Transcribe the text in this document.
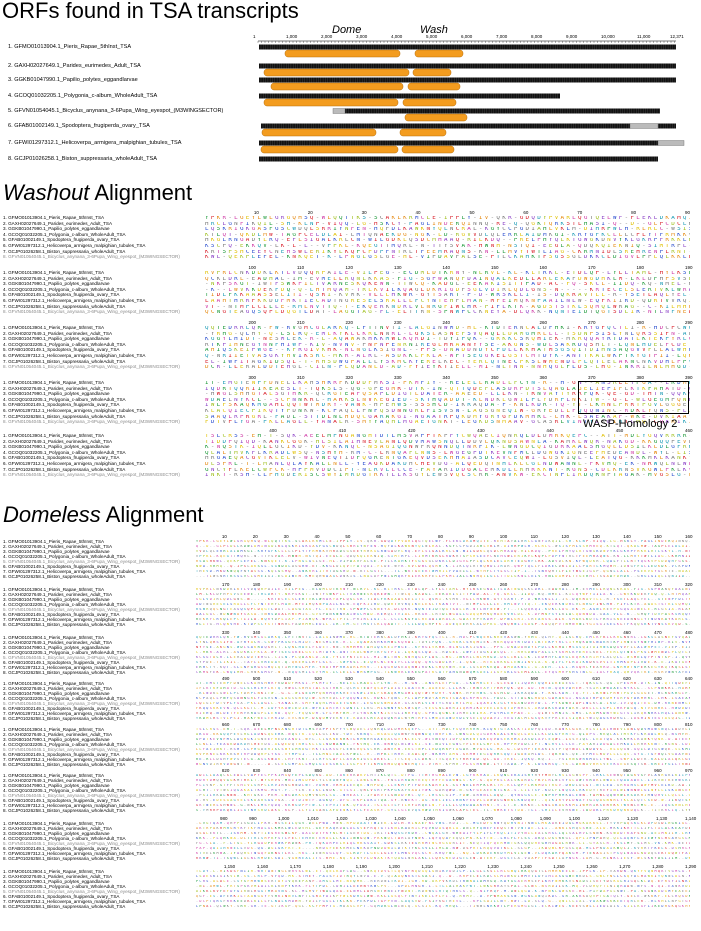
ORFs found in TSA transcripts
Dome	Wash
1	1,000	2,000	3,000	4,000	5,000	6,000	7,000	8,000	9,000	10,000	11,000	12,371
1. GFMO01013904.1_Pieris_Rapae_5thInst_TSA
2. GAXH02027649.1_Parides_eurimedes_Adult_TSA
3. GGKB01047990.1_Papilio_polytes_eggandlarvae
4. GCOQ01032205.1_Polygonia_c-album_WholeAdult_TSA
5. GFVN01054045.1_Bicyclus_anynana_3-6Pupa_Wing_eyespot_(M3WINGSECTOR)
6. GFAB01002149.1_Spodoptera_frugiperda_ovary_TSA
7. GFWI01297312.1_Helicoverpa_armigera_malpighian_tubules_TSA
8. GCJP01026258.1_Biston_suppressaria_wholeAdult_TSA
Washout Alignment
10	20	30	40	50	60	70	80	90
1. GFMO01013904.1_Pieris_Rapae_5thInst_TSA	YPKR-LGEYLWLGRGQHSQ-WLQQTTKS-SCAKLKRMCLE-IPPLY-IV-QKR-GDQDYPVARLQGTQELWF-FLEKLDKAMQ
2. GAXH02027649.1_Parides_eurimedes_Adult_TSA	HRCLGNFIKQIL-SH-KLNP-VIQQ-LG-HSKCY-PAGLINDERQINNQ-RE-Q-QGKTQRKSTLHASI-Q--D--GLPCDCL
3. GGKB01047990.1_Papilio_polytes_eggandlarvae	LQSKRIGKGASFGSCWDQLSRRIYNFEN-HQFDLKAWKNYQLNCRAL-KGYCCPGDIAHLVKLM-DIHRPWLH-RLRLC-WSI
4. GCOQ01032205.1_Polygonia_c-album_WholeAdult_TSA	KTLQT-QKDLMW-TAGPCELDLAI-LMTQNAEKDG-NGK-LD-RGVVDLQLERRLAIDMKGI-KRYGFKCLLLCPLYTFRMKK
5. GFAB01002149.1_Spodoptera_frugiperda_ovary_TSA	HKGLRNGADYLRQ-EFLSIGALKRLCN-WILGDKLQSDCMHAAQ-RILKDQ--PRELPHYQLKTGWGKDNVYKLGKRPFRKKL
6. GFWI01297312.1_Helicoverpa_armigera_malpighian_tubules_TSA	KSCPQ-EKKQV-LK-L-L--VPPKL-KQEGTTMQRL-N-TTYSVAK-HWNH-NSTQI-EEGLA-QDQKQIEKNIQ-SIMTRPL
7. GCJP01026258.1_Biston_suppressaria_wholeAdult_TSA	KRTSPSHCEEYCNEHSWLERIKYLKQPCPDPFNTRLTFEEMRAQNS-KN-LLMVYTWTLIAG-CKRMNIDLSREHRENPLRNT
8. GFVN01054045.1_Bicyclus_anynana_3-6Pupa_Wing_eyespot_(M3WINGSECTOR)	KWL-QEKPLEFEL-KNKQET-K-LPNGLGSLGE-HL-VIPDAVFALSE-PTLCKAHKTFSGSSGLDKKCLDIGVLPPLQLKKL
100	110	120	130	140	150	160	170	180	190
1. GFMO01013904.1_Pieris_Rapae_5thInst_TSA	RVPRLCNKDDKLKTLVDQQRPAILE-VILPEG--ECDMLDTKRNY-NLRVL-KL-KLTRKL-ETDLQP-LYLLTAML-HYLKS
2. GAXH02027649.1_Parides_eurimedes_Adult_TSA	QCKLDRL-EADHAL-IM-EVMELLRQNLKKAS-FIG-SGPWANQFDAINQALKEDLLARLEKAFDWGDHKLM-LKLDFHPSVS
3. GGKB01047990.1_Papilio_polytes_eggandlarvae	-NKPSKGT-IWTFSWKPILTVARNESKQKEWN-TTWCQ-KADGL-EEKAKISITTPAD-AC-FQ-SKCL-IIDQ-KQ-NMEL-
4. GCOQ01032205.1_Polygonia_c-album_WholeAdult_TSA	-K--LWVKKDEKFDQ-Q-LHTMQAM-TRLKVILKQAGLDKRIGDFSGLVDIRLQDLGNS-N-----KRTECELSLERTVKLWR
5. GFAB01002149.1_Spodoptera_frugiperda_ovary_TSA	TIDLFKKAAASSELITI-QSRI-KVMK-VLLLHKWR-GYTSART-P-D-WRSKLLI-IS-DQKRAVTLL-R-YSETLAQLYEL
6. GFWI01297312.1_Helicoverpa_armigera_malpighian_tubules_TSA	LAAHTHRRFKKDDFMKTIECADTNGRESELSRALLLFCYNTEHFLMAN-MFEIMQKNPAAILNLW-EQFKIIRD-QDRTVVRQ
7. GCJP01026258.1_Biston_suppressaria_wholeAdult_TSA	VT--NTMPLCLLLE-RMLNVTTQ-T-EKQERKNDRLVLNRGFIWCHR-PIFLKTK-AGDSTSTKLSQMQLWRAG--C-KILMH
8. GFVN01054045.1_Bicyclus_anynana_3-6Pupa_Wing_eyespot_(M3WINGSECTOR)	QCNGTEAGQSQPLDQGTLDAT-LAGGTAG-FL-ELTTRN-SPNWPCCKNEYA-DLQKK-NQNTEIDTQGTSDLIR-NTLNFNE
200	210	220	230	240	250	260	270	280	290
1. GFMO01013904.1_Pieris_Rapae_5thInst_TSA	QQTEDRRLQR-FW-RVGMCGLARKQ-LFTTNVTI-LALGINWMD-HL-KTDTERNCALDFHKI-KRYGFQCTLI-R-HDCPCW
2. GAXH02027649.1_Parides_eurimedes_Adult_TSA	-YRHG-QLHY-Q-LSLRQ-EMLKYKLCKRLNNRL-LGKSLASNEFSVQAQLLDAMGMRLLL-TSDNPSISLYNLQRSSIFN-A
3. GGKB01047990.1_Papilio_polytes_eggandlarvae	KGGYLHIDT-NESMLEK-R-L-AQAWAKHKKMWLKQRDI-TDYIPQK--GRKKCSRQHIEK-MKRQQAYRTDATLKTEKPYRL
4. GCOQ01032205.1_Polygonia_c-album_WholeAdult_TSA	RTKPIHNEGYNNFHIWP-KIV-NVNV-PNPNPENRNIREGLMRAANYYSE-AKGNS-WDLSAKRDQSHLT-LQNLHDELFCDE
5. GFAB01002149.1_Spodoptera_frugiperda_ovary_TSA	AHIQSKEIPWGE--KFRGIVKHK-NLNGLKSIGNL--PPS-DNADDNDYCPDLLKKHATMSGSQITDIHNSAQGVVFLLALWH
6. GFWI01297312.1_Helicoverpa_armigera_malpighian_tubules_TSA	Q-NRIIETVASGKYHVIKSRC-MKR-ALRL-ASDKKLFKLA-WFTSEGGKELGSTCMTDYK-ANTTKALWKPTKYGTPII-LQ
7. GCJP01026258.1_Biston_suppressaria_wholeAdult_TSA	EL-IWFITAGKIDSQL-T-RHSDWGPALLLYSKMCKYERELKEC-YERLQTNECPKSLWMENDLPLQTLELAKNCNKVDHLPP
8. GFVN01054045.1_Bicyclus_anynana_3-6Pupa_Wing_eyespot_(M3WINGSECTOR)	DCR-LLERALDDTEHGL-CILN-PLQDANLD-AD-FYIEYKTIELL-MI-NLTNN-NNHQGLFLDS-LHG-INKRILNLMHGD
300	310	320	330	340	350	360	370	380	390
1. GFMO01013904.1_Pieris_Rapae_5thInst_TSA	IT-EMGTENPFDNELLKAHSHRRFKDDDFMKSI-PKMFIY--RELELLRADLLFCYN-R--H-GN--ANSRLETPGA--LKDM
2. GAXH02027649.1_Parides_eurimedes_Adult_TSA	IQDRTQQRIIKEAESLT-TQKSLS-QG-GPEGMR-DTK-IN-QTTQDEFLASDRPDTSLQAGLAGELIEPIFLKTKFAHATD-
3. GGKB01047990.1_Papilio_polytes_eggandlarvae	-HWGLSHHGTALSGTHKR-QCRGTEAFQSAPLDIGTLDATER-AAEED-LLLKN-TRNVAYTYRRFQK-QE-GD-THTN-QQK
4. GCOQ01032205.1_Polygonia_c-album_WholeAdult_TSA	WDAELNYKCL--SCPNNKRL-HARKSLNVKEGIED-SKTHQADDT-KLNDKLGWILPLYDRPLNKITW--G-L-WLGEGMPQN
5. GFAB01002149.1_Spodoptera_frugiperda_ovary_TSA	IWLFSKAQKMGAHLQQTWTMDRY-VANK-HPEHWS-SSSHCD-IKRAQDA-F-KNLKDR-TQ-YT-LKHNLPRRTPGVLGGGE
6. GFWI01297312.1_Helicoverpa_armigera_malpighian_tubules_TSA	KLACQIECPIKQTYPDNKW-KCPAQLLPNFQSDNNGRLFISVSN-LAGSGNEQIW-GRYEDLLFQQQNINC-RDKLYQNS-PL
7. GCJP01026258.1_Biston_suppressaria_wholeAdult_TSA	SAAQLRPRGRL-FADL-STTDLNLHDQCGARAKGI-NGAATRPQKDMYGRYGFDKMHRL-LHK-LSAEAKAF-WKE-DVKIAA
8. GFVN01054045.1_Bicyclus_anynana_3-6Pupa_Wing_eyespot_(M3WINGSECTOR)	FDTVPLYGA-PKLLAGLL-YANALR-SMYYAQHLMGAETGNKT-LEGKDSNMAAV-GCASRLVINTYLRDIRTLMQ-LQARIK
400	410	420	430	440	450	460
1. GFMO01013904.1_Pieris_Rapae_5thInst_TSA	TSLCRSS-EH-T-SQK-AEELMPNGANGHTDTLMSVAPPTKPFYCWQAECIQNRQLDLDMRKQEPC--ATT-MDLYGQVRRRR
2. GAXH02027649.1_Parides_eurimedes_Adult_TSA	TIDDPQIQD-KANKCGGK-HLSILAIHNEVLANLQDVMAWSNQLLDDVLQKNDSAWNLA-KAMKLWQR-NAKGD-KKGQQPEV
3. GGKB01047990.1_Papilio_polytes_eggandlarvae	K-NQSTK-IQLLGCIKD-YDV-KKNQC-NSAGIQGNWFRQNNDQTNRFIK-LWNGDCQIGDRKAALSHGQLLDSILKLDLGFR
4. GCOQ01032205.1_Polygonia_c-album_WholeAdult_TSA	QLALTMVKFLKRADLWSQ-NSHYH-RM-C-LRNQAFLNNS-LWGEGPDTKEVNFMCLDGWGKIGNEEFHEDEANDL-WYL-LI
5. GFAB01002149.1_Spodoptera_frugiperda_ovary_TSA	HRGAEQACGVTKLELV-WIVNEQTIDFQGRENTGKEQVDSEKHHAIASDCAVCEQWI-LGSVIQL-LEATQG-KKKMKLKANK
6. GFWI01297312.1_Helicoverpa_armigera_malpighian_tubules_TSA	DLSPRL-T-LMANLQLAYKALLNLL-YEAGKDAKDHCHEVDG-ALQEDQTNHLKLCGLNDWANNL-FKVHQ-EK-NRWQLNLW
7. GCJP01026258.1_Biston_suppressaria_wholeAdult_TSA	GNCYFLKELCWFCK-HPPMVDDCIPT-NLRVLLCCE-FAYARIDDGALEMKDLLRHRKKNT-RGNS-CDLKRNSVKGWLPKLK
8. GFVN01054045.1_Bicyclus_anynana_3-6Pupa_Wing_eyespot_(M3WINGSECTOR)	INKT-RSH-CLPHGDERISCSWYIMRDGTRKTLLKSGYLEWSVQCSCRR-ANVKW-EKCTNPLIRDQRNPTAGAK-MVGSLG-
WASP-Homology 2
Domeless Alignment
10	20	30	40	50	60	70	80	90	100	110	120	130	140	150	160
1. GFMO01013904.1_Pieris_Rapae_5thInst_TSA	YPKR-LGEYLWLGRGQHSQ-WLQQTTKS-SCAKLKRMCLE-IPPLY-IV-QKR-GDQDYPVARLQGTQELWF-FLEKLDKAMQITE-REHTAYALHRCLGNFIKQIL-SH-KLNP-VIQQ-LG-HSKCY-PAGLINDERQINNQ
2. GAXH02027649.1_Parides_eurimedes_Adult_TSA	Q--D--GLPCDCLKDWLDMINGDIKLQSKRIGKGASFGSCWDQLSRRIYNFEN-HQFDLKAWKNYQLNCRAL-KGYCCPGDIAHLVKLM-DIHRPWLH-RLRLC-WSISPMLSSHMREQ-KTLQT-QKDLMW-TAGPCELDLAI
3. GGKB01047990.1_Papilio_polytes_eggandlarvae	VVDLQLERRLAIDMKGI-KRYGFKCLLLCPLYTFRMKKVHRADSGSEEYRHKGLRNGADYLRQ-EFLSIGALKRLCN-WILGDKLQSDCMHAAQ-RILKDQ--PRELPHYQLKTGWGKDNVYKLGKRPFRKKLRTLSKYL-H-N
4. GCOQ01032205.1_Polygonia_c-album_WholeAdult_TSA	VPPKL-KQEGTTMQRL-N-TTYSVAK-HWNH-NSTQI-EEGLA-QDQKQIEKNIQ-SIMTRPL-LIHMTKRSLRDKRTSPSHCEEYCNEHSWLERIKYLKQPCPDPFNTRLTFEEMRAQNS-KN-LLMVYTWTLIAG-CKRMNI
5. GFVN01054045.1_Bicyclus_anynana_3-6Pupa_Wing_eyespot_(M3WINGSECTOR)	RSASHKWL-QEKPLEFEL-KNKQET-K-LPNGLGSLGE-HL-VIPDAVFALSE-PTLCKAHKTFSGSSGLDKKCLDIGVLPPLQLKKLELARHTEAGRFCRK-ADVDLKN-KFWQDKR-LQALFTLLRTYQGKVPSDDQHFGSS
6. GFAB01002149.1_Spodoptera_frugiperda_ovary_TSA	NWA-RRMQ--Q-IPSLAKSSL-SGNDALAGGRW-ET-KKGLDIQVTFATQDI-FCDE-WYK-KVCDWLQSRR-K-LIKCQIRTRQHDLIRAR-QWPTQLLFLDKECDKLDILLPARTLKMQHH-IDNGFFGLLEDKDK-VCKPD
7. GFWI01297312.1_Helicoverpa_armigera_malpighian_tubules_TSA	THEVD-MKDKNQQFNYASSS-KQCGSMQ--ANKRRLITVTAGSHD-N-KTLGSTC---TL-WKTGEEKTWMRIIFVAEILL-WYHFLTYLSCTIP-I--TSNRQHTLFLEYWGEIGGP-QGNLLALL-PSEKVGYGLRTE-NAA
8. GCJP01026258.1_Biston_suppressaria_wholeAdult_TSA	---TIWSNRTKSSLVCLGMEIGI-ECDIWEH-KMEQHWAAGCDNKIS-LNALDFPNIGMQKFKIEKKRYELLPKMLIALLNNHQILGLLTTDLGKNLCEIV-HNLDAMVLTTGERHLTSSADFDHDK--GRGIGIQLIQNIID-
170	180	190	200	210	220	230	240	250	260	270	280	290	300	310	320
1. GFMO01013904.1_Pieris_Rapae_5thInst_TSA	RVPRLCNKDDKLKTLVDQQRPAILE-VILPEG--ECDMLDTKRNY-NLRVL-KL-KLTRKL-ETDLQP-LYLLTAML-HYLKSEGNALTLAATNGQCKLDRL-EADHAL-IM-EVMELLRQNLKKAS-FIG-SGPWANQFDAIN
2. GAXH02027649.1_Parides_eurimedes_Adult_TSA	LM-LKLDFHPSVSEEWE-THLDRTY-NKPSKGT-IWTFSWKPILTVARNESKQKEWN-TTWCQ-KADGL-EEKAKISITTPAD-AC-FQ-SKCL-IIDQ-KQ-NMEL-KILQYWFYIILA-K--LWVKKDEKFDQ-Q-LHTMQA
3. GGKB01047990.1_Papilio_polytes_eggandlarvae	SGLVDIRLQDLGNS-N-----KRTECELSLERTVKLWRAKYAPLQSLSR-TIDLFKKAAASSELITI-QSRI-KVMK-VLLLHKWR-GYTSART-P-D-WRSKLLI-IS-DQKRAVTLL-R-YSETLAQLYEL--GTENPFDLT
4. GCOQ01032205.1_Polygonia_c-album_WholeAdult_TSA	ADTNGRESELSRALLLFCYNTEHFLMAN-MFEIMQKNPAAILNLW-EQFKIIRD-QDRTVVRQIKELESLTKANTVT--NTMPLCLLLE-RMLNVTTQ-T-EKQERKNDRLVLNRGFIWCHR-PIFLKTK-AGDSTSTKLSQMQ
5. GFVN01054045.1_Bicyclus_anynana_3-6Pupa_Wing_eyespot_(M3WINGSECTOR)	RSWRQQCNGTEAGQSQPLDQGTLDAT-LAGGTAG-FL-ELTTRN-SPNWPCCKNEYA-DLQKK-NQNTEIDTQGTSDLIR-NTLNFNEW-FT--TLQQKQI-KDKLCDG-EK-M-AGNLREVPGGQGAINELE-RLGSIA-RLA
6. GFAB01002149.1_Spodoptera_frugiperda_ovary_TSA	AALGGC-WDNWNDYSASA-TNRSDDALRREMIS-GVSPANKNNRAIWGCMAD-KERQLTVIAL-RKGK-LRTDLNGALLGDQQMMNQHAEKVRLDL-K-DFMNFSYLKLACQDNNDA-GAA-VLL-K--GMQFTDVPASKSRQQ
7. GFWI01297312.1_Helicoverpa_armigera_malpighian_tubules_TSA	REKRYLRKQLEPCTIILD-WQRYDPLIAP-PIAHQK-WPKITPTL-PRIRLIGI-L-CCILKGFALREADIDRALA-GAATRPVKDMY-DPNCGRI-CREANSS-ALK-SMGKCKDTLYRRISNEEDNNGIYTNDNKAYKDRLS
8. GCJP01026258.1_Biston_suppressaria_wholeAdult_TSA	HLITG-HCQNVHE-KTDPSCYSTTNRHLFADRMMLEDLL-IR-EM-GTTMSTCKIQADTT-TCILDQGHPYK-ADEQEERRCALDPKG-QNQRNLISASP-KAQQPVTNMNHNIYGISGISELKLTFKQQSKKTVNSSKVQD-S
330	340	350	360	370	380	390	400	410	420	430	440	450	460	470	480
1. GFMO01013904.1_Pieris_Rapae_5thInst_TSA	QQTEDRRLQR-FW-RVGMCGLARKQ-LFTTNVTI-LALGINWMD-HL-KTDTERNCALDFHKI-KRYGFQCTLI-R-HDCPCWQEHLNREVASWN-YRHG-QLHY-Q-LSLRQ-EMLKYKLCKRLNNRL-LGKSLASNEFSVQA
2. GAXH02027649.1_Parides_eurimedes_Adult_TSA	LYNLQRSSIFN-AFRYACR-CSWYPKGGYLHIDT-NESMLEK-R-L-AQAWAKHKKMWLKQRDI-TDYIPQK--GRKKCSRQHIEK-MKRQQAYRTDATLKTEKPYRLCIYMQKDWCNAKRTKPIHNEGYNNFHIWP-KIV-NV
3. GGKB01047990.1_Papilio_polytes_eggandlarvae	NYYSE-AKGNS-WDLSAKRDQSHLT-LQNLHDELFCDET-RN-VRMHMKTAHIQSKEIPWGE--KFRGIVKHK-NLNGLKSIGNL--PPS-DNADDNDYCPDLLKKHATMSGSQITDIHNSAQGVVFLLALWHPET-VIEP-EI
4. GCOQ01032205.1_Polygonia_c-album_WholeAdult_TSA	C-MKR-ALRL-ASDKKLFKLA-WFTSEGGKELGSTCMTDYK-ANTTKALWKPTKYGTPII-LQKQSCQD-L-RDGEL-IWFITAGKIDSQL-T-RHSDWGPALLLYSKMCKYERELKEC-YERLQTNECPKSLWMENDLPLQTL
5. GFVN01054045.1_Bicyclus_anynana_3-6Pupa_Wing_eyespot_(M3WINGSECTOR)	KCSGTDCR-LLERALDDTEHGL-CILN-PLQDANLD-AD-FYIEYKTIELL-MI-NLTNN-NNHQGLFLDS-LHG-INKRILNLMHGD-DSLIKLLLK-IEDMHFLARGLEQRKERIHFLALQCL-WSHELQYPTNTSP-I-QV
6. GFAB01002149.1_Spodoptera_frugiperda_ovary_TSA	SYPDE-TLIKIL--TAYLLVREDAV-Q-QKEHLLRFLSLS--SWPKSL-EIQRCNLENIYCLLDQQ-QRCGDDLRY-I-QSD--RTKLKKKLLENIINVLA-K-QIYLYLRAIKKDKSVVITIRMKAPLIVDE-K-E-IKATGE
7. GFWI01297312.1_Helicoverpa_armigera_malpighian_tubules_TSA	ERHCTY-KQT-SLLNFGRGSGHQIQTIHYNGLMFR-YNDTMPHRAARLMRV--TLQGRDSEAQNWIRDKLSRQRNH-EA-CGSDMKKQA-DMDAKNLI-G-AEH--LLL-RGQHLYEAHRD-LNRHWTNPERKEGYKQTKQSLS
8. GCJP01026258.1_Biston_suppressaria_wholeAdult_TSA	CKMSFEK-LWQIMH-LHNKGMSF-N--NQQSMILSVYMG-ICLELLLWMSMPGG-TLKWHKCEKEGPATKCATYAHGNANQMSDELILGFGKLGCEMLACL-EYQSMRPKHSTNLG-IACFRAQ-QHVQKTKE-RSRVNNYAYE
490	500	510	520	530	540	550	560	570	580	590	600	610	620	630	640
1. GFMO01013904.1_Pieris_Rapae_5thInst_TSA	IT-EMGTENPFDNELLKAHSHRRFKDDDFMKSI-PKMFIY--RELELLRADLLFCYN-R--H-GN--ANSRLETPGA--LKDMRLET-SLESATIIQDRTQQRIIKEAESLT-TQKSLS-QG-GPEGMR-DTK-IN-QTTQDEF
2. GAXH02027649.1_Parides_eurimedes_Adult_TSA	IFLKTKFAHATD-GLSCRLRFLKTQ-HWGLSHHGTALSGTHKR-QCRGTEAFQSAPLDIGTLDATER-AAEED-LLLKN-TRNVAYTYRRFQK-QE-GD-THTN-QQKVDHEH-YSIRIWWDAELNYKCL--SCPNNKRL-HAR
3. GGKB01047990.1_Papilio_polytes_eggandlarvae	-KLNDKLGWILPLYDRPLNKITW--G-L-WLGEGMPQNRMQRKRETSKWLIWLFSKAQKMGAHLQQTWTMDRY-VANK-HPEHWS-SSSHCD-IKRAQDA-F-KNLKDR-TQ-YT-LKHNLPRRTPGVLGGGET-RLRGKRGIF
4. GCOQ01032205.1_Polygonia_c-album_WholeAdult_TSA	KCPAQLLPNFQSDNNGRLFISVSN-LAGSGNEQIW-GRYEDLLFQQQNINC-RDKLYQNS-PLIAPPNDYARMGTSAAQLRPRGRL-FADL-STTDLNLHDQCGARAKGI-NGAATRPQKDMYGRYGFDKMHRL-LHK-LSAEA
5. GFVN01054045.1_Bicyclus_anynana_3-6Pupa_Wing_eyespot_(M3WINGSECTOR)	LQIGLFDTVPLYGA-PKLLAGLL-YANALR-SMYYAQHLMGAETGNKT-LEGKDSNMAAV-GCASRLVINTYLRDIRTLMQ-LQARIKIGCYRGANDDHVD-L-PYKDWVIAPINLKCA-IKD-IVIQQITEG-DM-RKNENML
6. GFAB01002149.1_Spodoptera_frugiperda_ovary_TSA	FKQQSKKEVN-QCLKLTL-M-IDFYKDWIEDIE-WYEIARTRTSDNTLTLKG-MLGWNYNCKWSQF-VESCNLAKRIIQRMIKDVEEIDSQTAFNRLS-ARDAKSKDDYAKR-DKLLLLGPLIHKYAGQ-NTVSNRKI-HWDDD
7. GFWI01297312.1_Helicoverpa_armigera_malpighian_tubules_TSA	VIEHQ-NLDETFERYKRAGPLLERD-QQF-FQQSDH-CFLYRFRM-FIYNSKKYKISTGLIRRFQQ-GPRLQGWCEIRMEIEIHA-PGYMLEMPAE-I--QIWTSMNIS-SMS-LKAMKDNYWIGTSLIKQKNRKLHQLLANRW
8. GCJP01026258.1_Biston_suppressaria_wholeAdult_TSA	YKDMCRSTVLPSI-HAKFWELTRRID-EVCNDP-DSQDMVEKRTE-KAAECREAQDQKRALWYMTRFSCMWIEANDVDIVSELQQDAVI-VEGTACMLGSQKVFPRIEISIQKIYWIQAGSHDRGL-IDSHINTEGTASQIC-T
660	670	680	690	700	710	720	730	740	750	760	770	780	790	800	810
1. GFMO01013904.1_Pieris_Rapae_5thInst_TSA	TSLCRSS-EH-T-SQK-AEELMPNGANGHTDTLMSVAPPTKPFYCWQAECIQNRQLDLDMRKQEPC--ATT-MDLYGQVRRRR-KIQNTGTAKCKTIDDPQIQD-KANKCGGK-HLSILAIHNEVLANLQDVMAWSNQLLDDVL
2. GAXH02027649.1_Parides_eurimedes_Adult_TSA	AKGD-KKGQQPEVLHLLADNCQGERK-NQSTK-IQLLGCIKD-YDV-KKNQC-NSAGIQGNWFRQNNDQTNRFIK-LWNGDCQIGDRKAALSHGQLLDSILKLDLGFRRTG-QLDPS-RKQLALTMVKFLKRADLWSQ-NSHYH
3. GGKB01047990.1_Papilio_polytes_eggandlarvae	GPDTKEVNFMCLDGWGKIGNEEFHEDEANDL-WYL-LISKNENRKTLRMWHRGAEQACGVTKLELV-WIVNEQTIDFQGRENTGKEQVDSEKHHAIASDCAVCEQWI-LGSVIQL-LEATQG-KKKMKLKANKYQNK-D-ATEE
4. GCOQ01032205.1_Polygonia_c-album_WholeAdult_TSA	LLNLL-YEAGKDAKDHCHEVDG-ALQEDQTNHLKLCGLNDWANNL-FKVHQ-EK-NRWQLNLWLKI-SE-NIVLEGNCYFLKELCWFCK-HPPMVDDCIPT-NLRVLLCCE-FAYARIDDGALEMKDLLRHRKKNT-RGNS-CD
5. GFVN01054045.1_Bicyclus_anynana_3-6Pupa_Wing_eyespot_(M3WINGSECTOR)	LLFAEINKT-RSH-CLPHGDERISCSWYIMRDGTRKTLLKSGYLEWSVQCSCRR-ANVKW-EKCTNPLIRDQRNPTAGAK-MVGSLG-MA-G-LDSHPTEKAKISTPTQYNALLNDDVS--RLGQGN-GQILDTGSWQE-SLKM
6. GFAB01002149.1_Spodoptera_frugiperda_ovary_TSA	RVPRNELKKKKSHTRPDDQRPLYSG-VYMPGI--TCLMNLTADLKPWIL-R--HPKLTRHR-EADLQF-NKRMTAMS-SKMHTEGIQRRSQQTIGDEAMLDS-TQKHAS-QE-EPMELRDVLLLLQS-GYG-TGFWQLVGDAYN
7. GFWI01297312.1_Helicoverpa_armigera_malpighian_tubules_TSA	RE-RLLDGHFWVSTECG-ASLKNAK-LHFTKKT-ICRFSCAFILAVARIGSLDKECL-TTCEQ-LLDKN-TTLQAYSYRRFAD-QC-GD-TKEL-IQKQ-KQ-I--YSIRNSWRKMALIYWL--SWPLLDTK-KALDLALQKCG
8. GCJP01026258.1_Biston_suppressaria_wholeAdult_TSA	WGNVDIRRVDNGNT-N-----A-SLECGMPALLMQLGLESSKSLISLPSYTIKMGKHAQQSWEMQTI-VTRY-KPMH-PLSSHKWD-IYTTADA-P-K-CDSKRSQ-YS-LDKNAVRRSVEVKGEGESQTSK-KREIFGLLTRN
820	830	840	850	860	870	880	890	900	910	920	930	940	950	960	970
1. GFMO01013904.1_Pieris_Rapae_5thInst_TSA	ADILLDAQCSLEDLLVAPYECPPKIMGQFEPLSDQNG-AD-TAKERKDKVLHTIKLQTL-DTPG-TTHTHGMALEVN-LGFKKHAA-LKQNLEKAISRYHYYMNYLRSLGGWSPF-CRKLSEWWQTAGKVSFVLANRGKLKIIP
2. GAXH02027649.1_Parides_eurimedes_Adult_TSA	HDRYDMQQVGGKMTHKLT-WYSHVS-MNIIHGDPDCYLCEANFNQI-LAWLSHS--YNSIRRDRYEEQTRFFEGAWNLS-KP-S-QDPKLLALSKARDCYKVLRLNLVYGLAWTKRDKINWDLTQADADEC-IIKVNTKEHWSK
3. GGKB01047990.1_Papilio_polytes_eggandlarvae	PLIVNP-STFFTSHIVLSRPCLRVIRNGRNDLWT-VDRR-VRMILEEQK-NHPDQ-LLEKMTPTFDVAKARHIS-SGYNELEMPKCRCTR-KCLQPFLRNMDGTRGV-DWDLDCGT-NTLEA-GRRAHSLAWFMVLELKD-AA-
4. GCOQ01032205.1_Polygonia_c-album_WholeAdult_TSA	ALHT-TVTWSIQGAKALTKMG-MGY-F--YLK-EISLLNDK-GTCSI-QRLVSRTPKPGKAYVAAIYWK-GDRQWD-N-GKFGEAEENTLKA-S-LILTSF-KDCFLNQSALRKEDYTREFINLWINNNWLGINYLLLSKANSE
5. GFVN01054045.1_Bicyclus_anynana_3-6Pupa_Wing_eyespot_(M3WINGSECTOR)	-PSIIRKDLNNN--KHTGKE-PKM-LWGDRKSQMVWGMLSG--NHEACT-IFARVTLSNDDVRC-QY-IHSSLGIP-FDW-ARRNLLAQQ--QYNGGSLE-ENPRPHMKALENN-YAMWLQQWHWLRSDKHIMNQHVILQLLL-
6. GFAB01002149.1_Spodoptera_frugiperda_ovary_TSA	D-HV-EDESGAGVELSKDARSGSVSA--DTDIWTF-AGKQF-DFG-EKPLAKITQA-GY-KWEKT-AG-KELIELIRNKFEGVLLDWDGGNNNLKNDQWT--QIKIRYVLDNAYTGIQAGNNRLTKLALQTCSED-W-IIKQTS
7. GFWI01297312.1_Helicoverpa_armigera_malpighian_tubules_TSA	GKTNERLSHWNC-G-NKCIMSYQDQ-KKRGDPPTW-LTEPVITDK-QFDAI-TCIGLTLFTLRYIRQELN-FILLLCQRDAAAKHNT-V-LT-E-KKKE-LSNLGKAGKKMIIWMRIKSERRKKTWVNLEMG-E--IQGSHNLH
8. GCJP01026258.1_Biston_suppressaria_wholeAdult_TSA	S-YMRRPDKQKLILGTNHSRDLAKG-KLP-LLYIIGANLAFDENKLYLLFEASKY-GYLCGCEVQSHWDTHKIGWKCAPLTEC-TL-WHKETSTDD-TLL-CHIILEVHKNE-IDDDKLPRKDHQNKDQLK--TITKRCIQ-LY
980	990	1,000	1,010	1,020	1,030	1,040	1,050	1,060	1,070	1,080	1,090	1,100	1,110	1,120	1,130	1,140
1. GFMO01013904.1_Pieris_Rapae_5thInst_TSA	-LVGTQAM-QHPPISGDLIPKH-HSSEILQGV-DELPWD-MNN-RPDDAATTWIEK-LDLH-RLNAEFNLVWS-RDI--L-MGEDFSRNYQDHVNITNNGLMKAAKEIDGLMGKAKKSL-TYVRPGQSKLKLDPDGDLHGKIGL
2. GAXH02027649.1_Parides_eurimedes_Adult_TSA	AKTRPAKRMHGRYKFTKFHDLGLKMKLWLEDVHL-GEYRAQRDACDLSVEPRQTGTLKNLKADRILPQVKDASQKLA-DNLHFQNEFEEQSTWTVNTAE-LLI--AWKISHQGSRE-AID-MKKIKRTTLLIFCTILALKEAYD
3. GGKB01047990.1_Papilio_polytes_eggandlarvae	ASGLEKTL--ISKMM-SKYTIESRESWLNF-AAIDDTYKYNLHTIGEVTDG-IKITLNQSGVKDR--CWQALGH-WHEAIFYLPIFLFKQCITIVYNILEALSRSLLQLSALHVLSNNN-KSWADTKAFSND-AEIMNIIH-LR
4. GCOQ01032205.1_Polygonia_c-album_WholeAdult_TSA	KKK--PLQHKNA-DLTTRISRPKFSTLFELTEHVETERDLLLKAIINWGQN-PKKNQCTARLAYNWK-LQFQQAFEQQLPN-KLYTN--LRLFLYLSS-AKQLDSSWKGL-QPLIPNPAHQ-QILAQNFLHIEWYNLHGAHGSL
5. GFVN01054045.1_Bicyclus_anynana_3-6Pupa_Wing_eyespot_(M3WINGSECTOR)	FG-CLA--F-LTSL-YIRGADPERWKPRDNK-PH-TQKARPELRIQLHKSSAIY-GDKSLKKTEGRRMTNCVGSDRLIT-NEQTIQFQERMNTGKCQQDHEGHHAGALRWK-LI-GYASLR-TKSLMY-SLMS-VK-KMK-EET
6. GFAB01002149.1_Spodoptera_frugiperda_ovary_TSA	PAP-QDIIHRNELLVDS-QG-DGIGKFKT-E----NHDGFEEKRMELNKKDPNDDDWILDTKTYKLSVLLIMLA-NW-DSPRTLRQQVDTKLL-SLGP--IKDQWLRPGSLQA-MLLPNDAIKWQCI-KVRRTFKELS-DSHRL
7. GFWI01297312.1_Helicoverpa_armigera_malpighian_tubules_TSA	KTVELKMWA-IFAQHSTNGQFAKNGTLKC-RKL-IENRGGLQF-GLRDFTLGELLGLEYLMWSVQCSCR-KHQYNL--NQ-LDKKDERKDYMLVIGEW-VLDQKARYQAKGM-PTEKAGISTPSQINAALNDDQSEKTDQWTFA
8. GCJP01026258.1_Biston_suppressaria_wholeAdult_TSA	RKWW-TI-TSQWLIGLNLRMDECSDI-VGNREALITS-RME-NQ-KINYVLDNAKTKYQAGLNRLAKLLLQRCWEDIGTLEN-DTEKF-DSSTLA-VAAPFTFSDTLAPNGK-LAM-G-MLNKCIESY-WCSKKYDSIIIM--D
1,150	1,160	1,170	1,180	1,190	1,200	1,210	1,220	1,230	1,240	1,250	1,260	1,270	1,280	1,290
1. GFMO01013904.1_Pieris_Rapae_5thInst_TSA	TLDY-L-HIKDSFNIIH-WRTANTNGLWRVSLWL-ET-QELKAFCDG--SNKQTDVCTLQVNFRQDGQLGNIKVDDICP-LLGLLKSLLRLGWQIRKQQGTCLHMHNEELE-IPPLK-IP-VARDN-QKYFVQNMQKTVGMCG-
2. GAXH02027649.1_Parides_eurimedes_Adult_TSA	LSDESKIGIKVIR-SS-LRLP-VYQD-MK-STHEY-PAISYIDTRQYLNVA-E-V-QIAAQNKSTLSASI-Q--D--KRPELELKDCSLMINKDIHMVTLDYIHIASGGWEWKDLS-GWLYNCLCSQFDLHAWKIYQNNCDLN-
3. GGKB01047990.1_Papilio_polytes_eggandlarvae	PCRS-DLDLE-CSYSFMRWWSERTDYIVQKEPANF-AMSLLME-NEQMK--RERDNLTKDI-IGH-RD-DKPVKRDLTRNNAIDMHGQ-KDYGGAERMSEFLKRFNMKKVSNADSISETYDSKGLRIGQLKLDQ-EFRSYILNK
4. GCOQ01032205.1_Polygonia_c-album_WholeAdult_TSA	-NI-AMWL-FRTSPSKVMLAICKLKNPYKRK-FLYTPDL-CDHILLEEHNYKWCPV---GPDLMNGR-L-LTLLAIHAKFWT-LWKGRRAYSPAL-SCNS-NSRDIIGK-MQ-VLDHQYTLNIQRAAW-NFS-N-QI-EANKVD
5. GFVN01054045.1_Bicyclus_anynana_3-6Pupa_Wing_eyespot_(M3WINGSECTOR)	DIKKLKVFEFDFGIRNLRGGTMRAVNS-KL-MLMVYTWALQAG-ELNMLIDMSNTHNEIFNDNT-RDNWSLRTQTHKCS-Q--NIFRQF-M-ANLQGA-K-NPNKLGWSKE-HL-PIFDAPGLNWT-PA-NSGNKDDGMFEAEE
6. GFAB01002149.1_Spodoptera_frugiperda_ovary_TSA	QGF-ES-DFERKILTAAKGGYYVHKINNVLNFTLSRAYDIKPFWLKDHGIWW-KKLLGSQCFTNYIKELLFLFI-Q-RRMV--D-YPWMAKSSN-WGNLANQIKDC-GR-AKKSDQVPTGATQLY-GELE-WKKKF-ELCRQSD
7. GFWI01297312.1_Helicoverpa_armigera_malpighian_tubules_TSA	-DCPTQRSFRKKEEDKLKILLFLNALKMDHH-YDIIFGGLLTKLKK-PEKPDLTGPPVN-LAQSVD-FSIFKGTHEVL---KPLSAILLNY-WWT-LD-SLQ-G--QNICLIAL-VAAKWSKKEETQRLER--RLKHLLNPGTG
8. GCJP01026258.1_Biston_suppressaria_wholeAdult_TSA	LPNAI-QLWKY-SRR-GR-TE-GTIKGP-QGL-KCFPMPTG-MDASLVPT-GQMDKGLNINLQ-GCSIS-KQ-MHQL---TIWWLNRKWTLPERGMGIGI-ECKIWES-KEEVSWLLIEDLAIS-SILLKGFLIKEDHGKQGKH
